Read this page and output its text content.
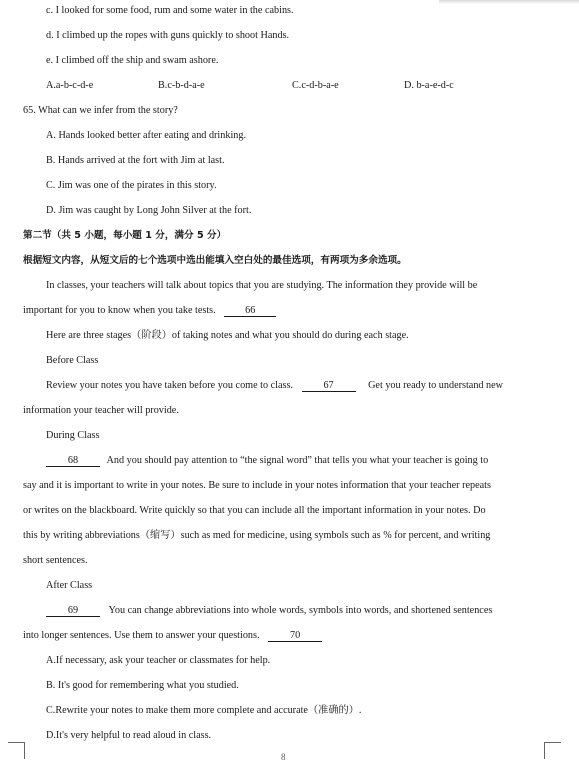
c. I looked for some food, rum and some water in the cabins.
d. I climbed up the ropes with guns quickly to shoot Hands.
e. I climbed off the ship and swam ashore.
A.a-b-c-d-e	B.c-b-d-a-e	C.c-d-b-a-e	D. b-a-e-d-c
65. What can we infer from the story?
A. Hands looked better after eating and drinking.
B. Hands arrived at the fort with Jim at last.
C. Jim was one of the pirates in this story.
D. Jim was caught by Long John Silver at the fort.
第二节（共 5 小题，每小题 1 分，满分 5 分）
根据短文内容，从短文后的七个选项中选出能填入空白处的最佳选项，有两项为多余选项。
In classes, your teachers will talk about topics that you are studying. The information they provide will be
important for you to know when you take tests.	66
Here are three stages（阶段）of taking notes and what you should do during each stage.
Before Class
Review your notes you have taken before you come to class.	67	Get you ready to understand new
information your teacher will provide.
During Class
68	And you should pay attention to “the signal word” that tells you what your teacher is going to
say and it is important to write in your notes. Be sure to include in your notes information that your teacher repeats
or writes on the blackboard. Write quickly so that you can include all the important information in your notes. Do
this by writing abbreviations（缩写）such as med for medicine, using symbols such as % for percent, and writing
short sentences.
After Class
69	You can change abbreviations into whole words, symbols into words, and shortened sentences
into longer sentences. Use them to answer your questions.	70
A.If necessary, ask your teacher or classmates for help.
B. It's good for remembering what you studied.
C.Rewrite your notes to make them more complete and accurate（准确的）.
D.It's very helpful to read aloud in class.
8
